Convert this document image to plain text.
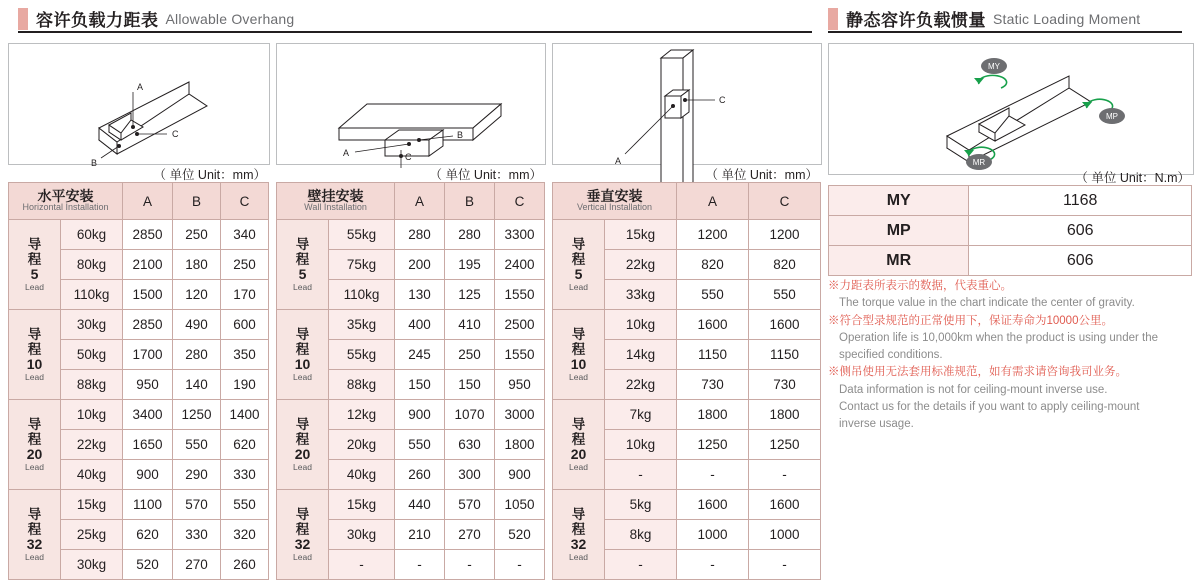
容许负载力距表 Allowable Overhang	静态容许负载惯量 Static Loading Moment
A
B
C
（ 单位 Unit：mm）
A
B
C
（ 单位 Unit：mm）
A
C
（ 单位 Unit：mm）
MY
MP
MR
（ 单位 Unit：N.m）
水平安装
Horizontal Installation		A	B	C
导
程
5
Lead	60kg	2850	250	340
	80kg	2100	180	250
	110kg	1500	120	170
导
程
10
Lead	30kg	2850	490	600
	50kg	1700	280	350
	88kg	950	140	190
导
程
20
Lead	10kg	3400	1250	1400
	22kg	1650	550	620
	40kg	900	290	330
导
程
32
Lead	15kg	1100	570	550
	25kg	620	330	320
	30kg	520	270	260
壁挂安装
Wall Installation		A	B	C
导
程
5
Lead	55kg	280	280	3300
	75kg	200	195	2400
	110kg	130	125	1550
导
程
10
Lead	35kg	400	410	2500
	55kg	245	250	1550
	88kg	150	150	950
导
程
20
Lead	12kg	900	1070	3000
	20kg	550	630	1800
	40kg	260	300	900
导
程
32
Lead	15kg	440	570	1050
	30kg	210	270	520
	-	-	-	-
垂直安装
Vertical Installation		A	C
导
程
5
Lead	15kg	1200	1200
	22kg	820	820
	33kg	550	550
导
程
10
Lead	10kg	1600	1600
	14kg	1150	1150
	22kg	730	730
导
程
20
Lead	7kg	1800	1800
	10kg	1250	1250
	-	-	-
导
程
32
Lead	5kg	1600	1600
	8kg	1000	1000
	-	-	-
MY	1168
MP	606
MR	606
※力距表所表示的数据，代表重心。
The torque value in the chart indicate the center of gravity.
※符合型录规范的正常使用下，保证寿命为10000公里。
Operation life is 10,000km when the product is using under the
specified conditions.
※侧吊使用无法套用标准规范，如有需求请咨询我司业务。
Data information is not for ceiling-mount inverse use.
Contact us for the details if you want to apply ceiling-mount
inverse usage.
